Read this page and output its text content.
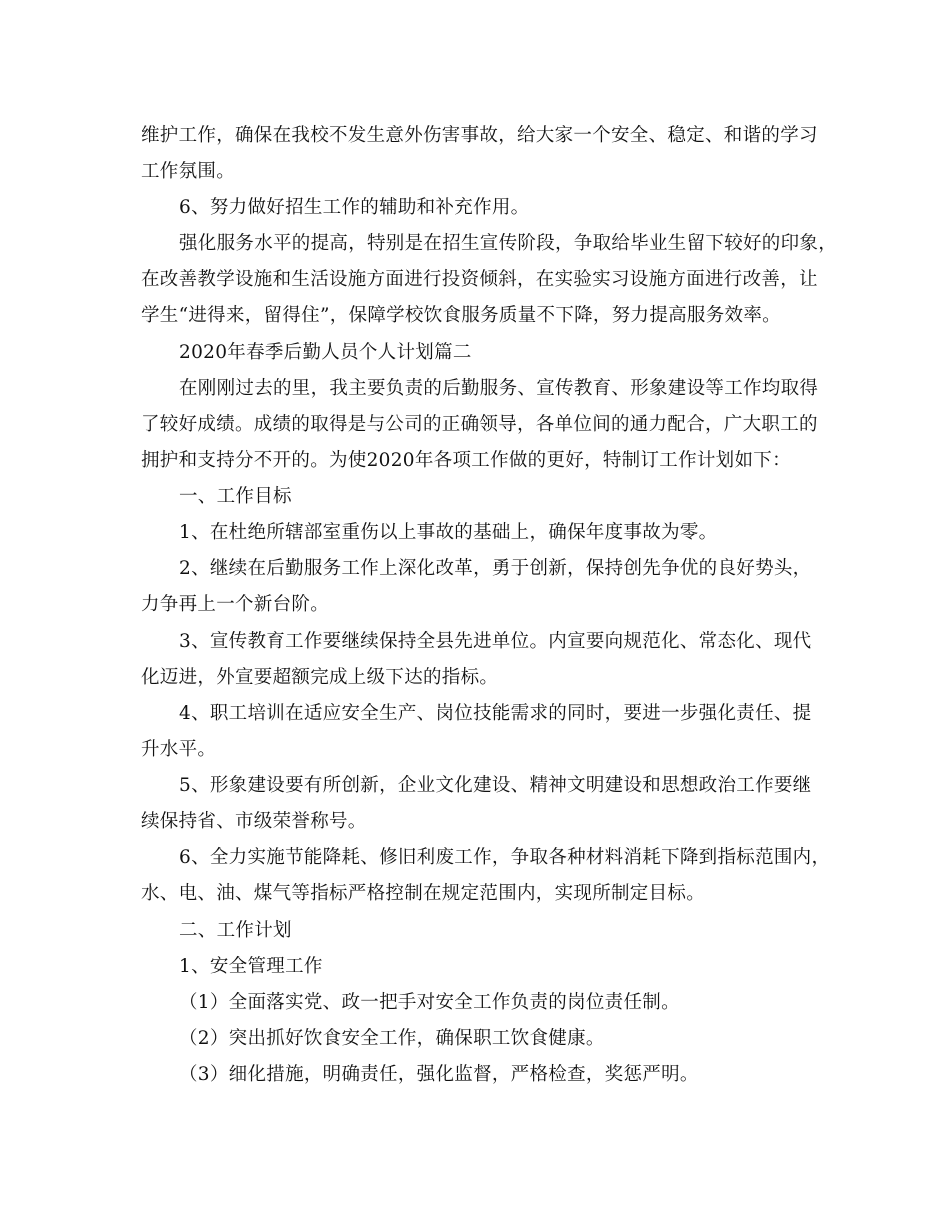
维护工作，确保在我校不发生意外伤害事故，给大家一个安全、稳定、和谐的学习
工作氛围。
6、努力做好招生工作的辅助和补充作用。
强化服务水平的提高，特别是在招生宣传阶段，争取给毕业生留下较好的印象，
在改善教学设施和生活设施方面进行投资倾斜，在实验实习设施方面进行改善，让
学生“进得来，留得住”，保障学校饮食服务质量不下降，努力提高服务效率。
2020年春季后勤人员个人计划篇二
在刚刚过去的里，我主要负责的后勤服务、宣传教育、形象建设等工作均取得
了较好成绩。成绩的取得是与公司的正确领导，各单位间的通力配合，广大职工的
拥护和支持分不开的。为使2020年各项工作做的更好，特制订工作计划如下：
一、工作目标
1、在杜绝所辖部室重伤以上事故的基础上，确保年度事故为零。
2、继续在后勤服务工作上深化改革，勇于创新，保持创先争优的良好势头，
力争再上一个新台阶。
3、宣传教育工作要继续保持全县先进单位。内宣要向规范化、常态化、现代
化迈进，外宣要超额完成上级下达的指标。
4、职工培训在适应安全生产、岗位技能需求的同时，要进一步强化责任、提
升水平。
5、形象建设要有所创新，企业文化建设、精神文明建设和思想政治工作要继
续保持省、市级荣誉称号。
6、全力实施节能降耗、修旧利废工作，争取各种材料消耗下降到指标范围内，
水、电、油、煤气等指标严格控制在规定范围内，实现所制定目标。
二、工作计划
1、安全管理工作
（1）全面落实党、政一把手对安全工作负责的岗位责任制。
（2）突出抓好饮食安全工作，确保职工饮食健康。
（3）细化措施，明确责任，强化监督，严格检查，奖惩严明。
